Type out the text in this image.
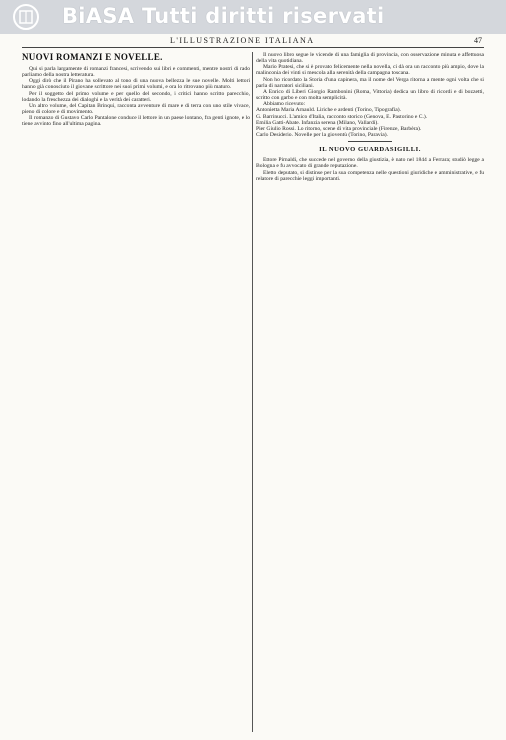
BiASA Tutti diritti riservati
L'ILLUSTRAZIONE ITALIANA	47
NUOVI ROMANZI E NOVELLE.

Qui si parla largamente di romanzi francesi, scrivendo sui libri e commenti, mentre nostri di rado parliamo della nostra letteratura.

Oggi dirò che il Pirano ha sollevato al tono di una nuova bellezza le sue novelle. Molti lettori hanno già conosciuto il giovane scrittore nei suoi primi volumi, e ora lo ritrovano più maturo.

Per il soggetto del primo volume e per quello del secondo, i critici hanno scritto parecchio, lodando la freschezza dei dialoghi e la verità dei caratteri.

Un altro volume, del Capitan Brinqui, racconta avventure di mare e di terra con uno stile vivace, pieno di colore e di movimento.

Il romanzo di Gustavo Carlo Pantalone conduce il lettore in un paese lontano, fra genti ignote, e lo tiene avvinto fino all'ultima pagina.

Il nuovo libro segue le vicende di una famiglia di provincia, con osservazione minuta e affettuosa della vita quotidiana.

Mario Pratesi, che si è provato felicemente nella novella, ci dà ora un racconto più ampio, dove la malinconia dei vinti si mescola alla serenità della campagna toscana.

Non ho ricordato la Storia d'una capinera, ma il nome del Verga ritorna a mente ogni volta che si parla di narratori siciliani.

A Enrico di Liberi Giorgio Rambonini (Roma, Vittoria) dedica un libro di ricordi e di bozzetti, scritto con garbo e con molta semplicità.

Abbiamo ricevuto:

Antonietta Maria Arnauld. Liriche e ardenti (Torino, Tipografia).

G. Barrinucci. L'amico d'Italia, racconto storico (Genova, E. Pastorino e C.).

Emilia Gatti-Abate. Infanzia serena (Milano, Vallardi).

Pier Giulio Rossi. Lo ritorno, scene di vita provinciale (Firenze, Barbèra).

Carlo Desiderio. Novelle per la gioventù (Torino, Paravia).

IL NUOVO GUARDASIGILLI.

Ettore Pirnaldi, che succede nel governo della giustizia, è nato nel 1844 a Ferrara; studiò legge a Bologna e fu avvocato di grande reputazione.

Eletto deputato, si distinse per la sua competenza nelle questioni giuridiche e amministrative, e fu relatore di parecchie leggi importanti.
